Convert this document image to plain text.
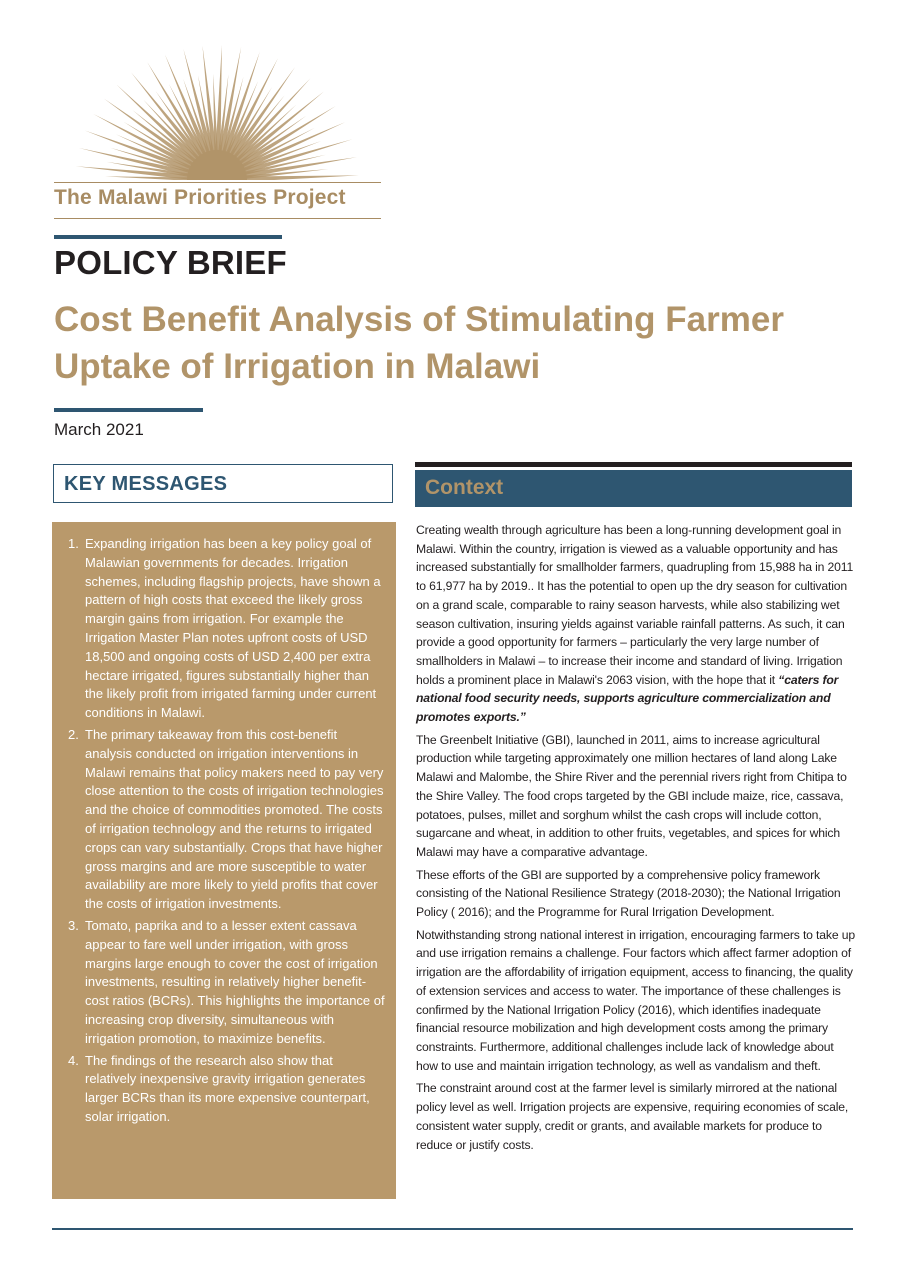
The Malawi Priorities Project
POLICY BRIEF
Cost Benefit Analysis of Stimulating Farmer Uptake of Irrigation in Malawi
March 2021
KEY MESSAGES
1. Expanding irrigation has been a key policy goal of Malawian governments for decades. Irrigation schemes, including flagship projects, have shown a pattern of high costs that exceed the likely gross margin gains from irrigation. For example the Irrigation Master Plan notes upfront costs of USD 18,500 and ongoing costs of USD 2,400 per extra hectare irrigated, figures substantially higher than the likely profit from irrigated farming under current conditions in Malawi.
2. The primary takeaway from this cost-benefit analysis conducted on irrigation interventions in Malawi remains that policy makers need to pay very close attention to the costs of irrigation technologies and the choice of commodities promoted. The costs of irrigation technology and the returns to irrigated crops can vary substantially. Crops that have higher gross margins and are more susceptible to water availability are more likely to yield profits that cover the costs of irrigation investments.
3. Tomato, paprika and to a lesser extent cassava appear to fare well under irrigation, with gross margins large enough to cover the cost of irrigation investments, resulting in relatively higher benefit-cost ratios (BCRs). This highlights the importance of increasing crop diversity, simultaneous with irrigation promotion, to maximize benefits.
4. The findings of the research also show that relatively inexpensive gravity irrigation generates larger BCRs than its more expensive counterpart, solar irrigation.
Context

Creating wealth through agriculture has been a long-running development goal in Malawi. Within the country, irrigation is viewed as a valuable opportunity and has increased substantially for smallholder farmers, quadrupling from 15,988 ha in 2011 to 61,977 ha by 2019.. It has the potential to open up the dry season for cultivation on a grand scale, comparable to rainy season harvests, while also stabilizing wet season cultivation, insuring yields against variable rainfall patterns. As such, it can provide a good opportunity for farmers – particularly the very large number of smallholders in Malawi – to increase their income and standard of living. Irrigation holds a prominent place in Malawi's 2063 vision, with the hope that it “caters for national food security needs, supports agriculture commercialization and promotes exports.”

The Greenbelt Initiative (GBI), launched in 2011, aims to increase agricultural production while targeting approximately one million hectares of land along Lake Malawi and Malombe, the Shire River and the perennial rivers right from Chitipa to the Shire Valley. The food crops targeted by the GBI include maize, rice, cassava, potatoes, pulses, millet and sorghum whilst the cash crops will include cotton, sugarcane and wheat, in addition to other fruits, vegetables, and spices for which Malawi may have a comparative advantage.

These efforts of the GBI are supported by a comprehensive policy framework consisting of the National Resilience Strategy (2018-2030); the National Irrigation Policy ( 2016); and the Programme for Rural Irrigation Development.

Notwithstanding strong national interest in irrigation, encouraging farmers to take up and use irrigation remains a challenge. Four factors which affect farmer adoption of irrigation are the affordability of irrigation equipment, access to financing, the quality of extension services and access to water. The importance of these challenges is confirmed by the National Irrigation Policy (2016), which identifies inadequate financial resource mobilization and high development costs among the primary constraints. Furthermore, additional challenges include lack of knowledge about how to use and maintain irrigation technology, as well as vandalism and theft.

The constraint around cost at the farmer level is similarly mirrored at the national policy level as well. Irrigation projects are expensive, requiring economies of scale, consistent water supply, credit or grants, and available markets for produce to reduce or justify costs.
